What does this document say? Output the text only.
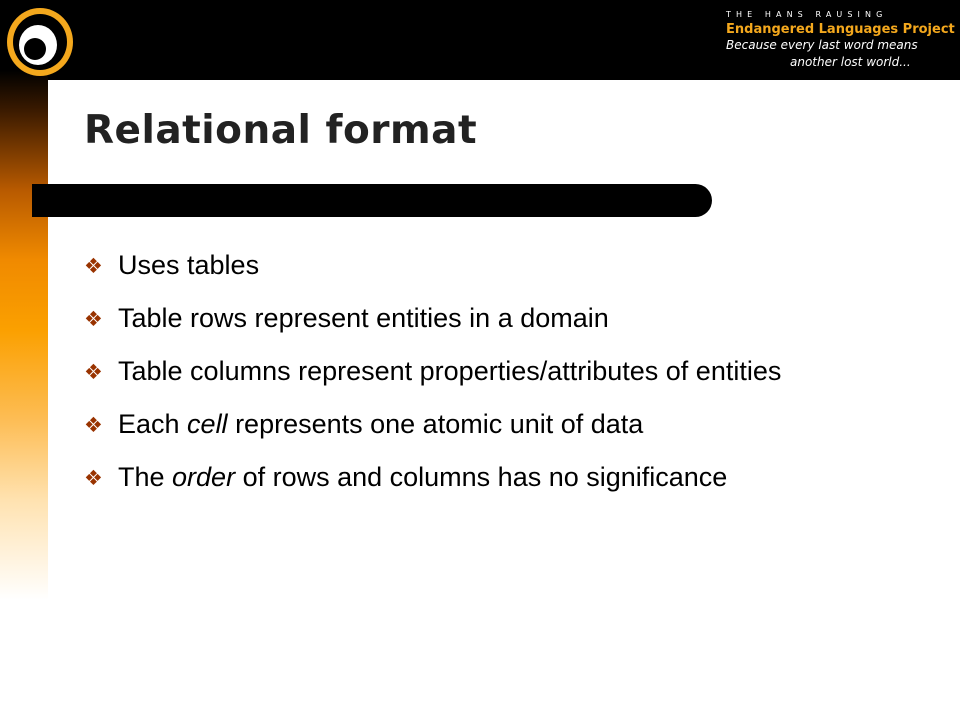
THE HANS RAUSING
Endangered Languages Project
Because every last word means
another lost world...
Relational format
❖ Uses tables
❖ Table rows represent entities in a domain
❖ Table columns represent properties/attributes of entities
❖ Each cell represents one atomic unit of data
❖ The order of rows and columns has no significance
